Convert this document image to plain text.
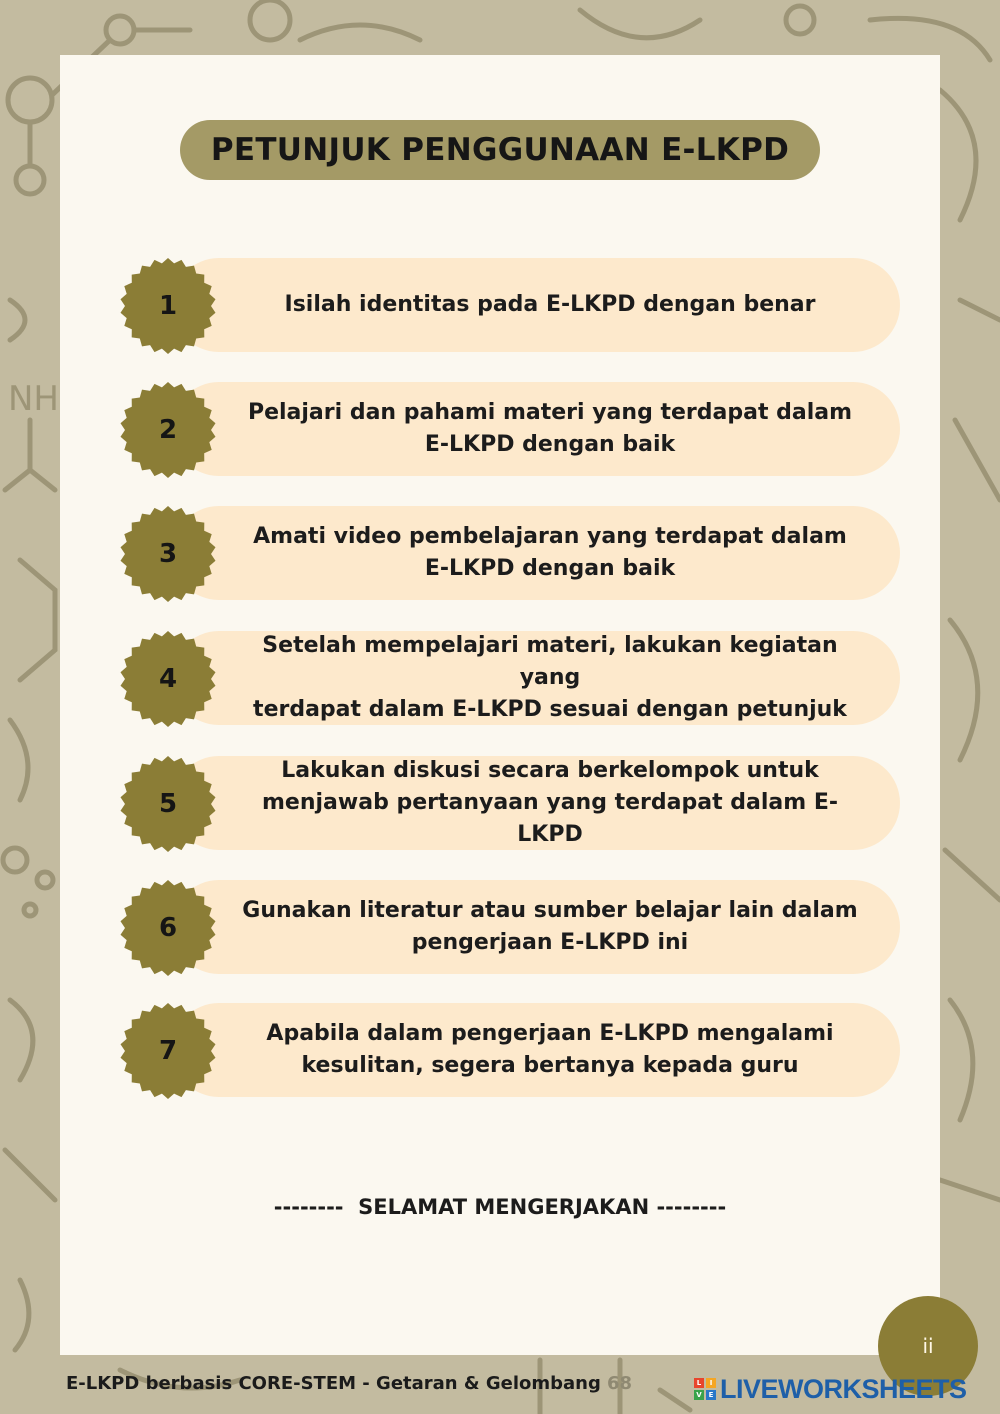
NH
PETUNJUK PENGGUNAAN E-LKPD
1	Isilah identitas pada E-LKPD dengan benar
2
Pelajari dan pahami materi yang terdapat dalam
E-LKPD dengan baik
3
Amati video pembelajaran yang terdapat dalam
E-LKPD dengan baik
4
Setelah mempelajari materi, lakukan kegiatan yang
terdapat dalam E-LKPD sesuai dengan petunjuk
5
Lakukan diskusi secara berkelompok untuk
menjawab pertanyaan yang terdapat dalam E-LKPD
6
Gunakan literatur atau sumber belajar lain dalam
pengerjaan E-LKPD ini
7
Apabila dalam pengerjaan E-LKPD mengalami
kesulitan, segera bertanya kepada guru
--------  SELAMAT MENGERJAKAN --------
ii
E-LKPD berbasis CORE-STEM - Getaran & Gelombang 68	L	I
V E LIVEWORKSHEETS
